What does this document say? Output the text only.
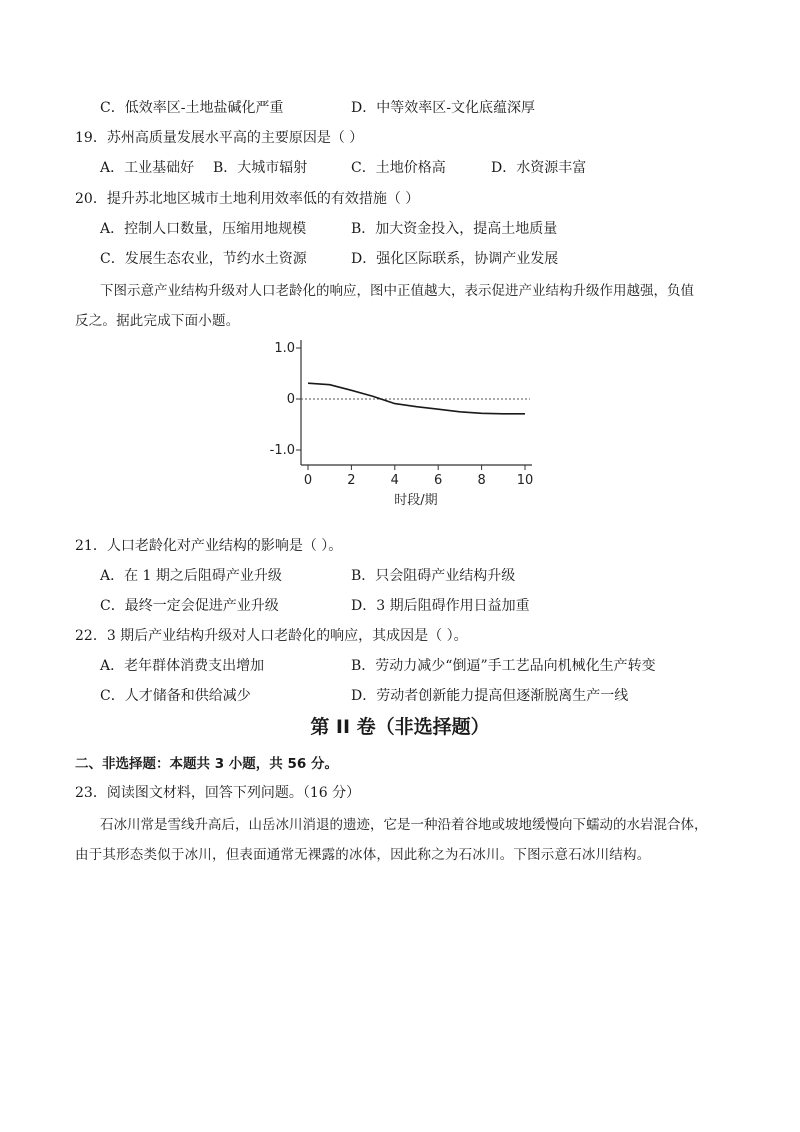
C．低效率区-土地盐碱化严重	D．中等效率区-文化底蕴深厚
19．苏州高质量发展水平高的主要原因是（ ）
A．工业基础好 B．大城市辐射	C．土地价格高	D．水资源丰富
20．提升苏北地区城市土地利用效率低的有效措施（ ）
A．控制人口数量，压缩用地规模	B．加大资金投入，提高土地质量
C．发展生态农业，节约水土资源	D．强化区际联系，协调产业发展
下图示意产业结构升级对人口老龄化的响应，图中正值越大，表示促进产业结构升级作用越强，负值
反之。据此完成下面小题。
0	2	4	6	8 10
1.0
0
-1.0
时段/期
21．人口老龄化对产业结构的影响是（ ）。
A．在 1 期之后阻碍产业升级	B．只会阻碍产业结构升级
C．最终一定会促进产业升级	D．3 期后阻碍作用日益加重
22．3 期后产业结构升级对人口老龄化的响应，其成因是（ ）。
A．老年群体消费支出增加	B．劳动力减少“倒逼”手工艺品向机械化生产转变
C．人才储备和供给减少	D．劳动者创新能力提高但逐渐脱离生产一线
第 II 卷（非选择题）
二、非选择题：本题共 3 小题，共 56 分。
23．阅读图文材料，回答下列问题。（16 分）
石冰川常是雪线升高后，山岳冰川消退的遗迹，它是一种沿着谷地或坡地缓慢向下蠕动的水岩混合体，
由于其形态类似于冰川，但表面通常无裸露的冰体，因此称之为石冰川。下图示意石冰川结构。
